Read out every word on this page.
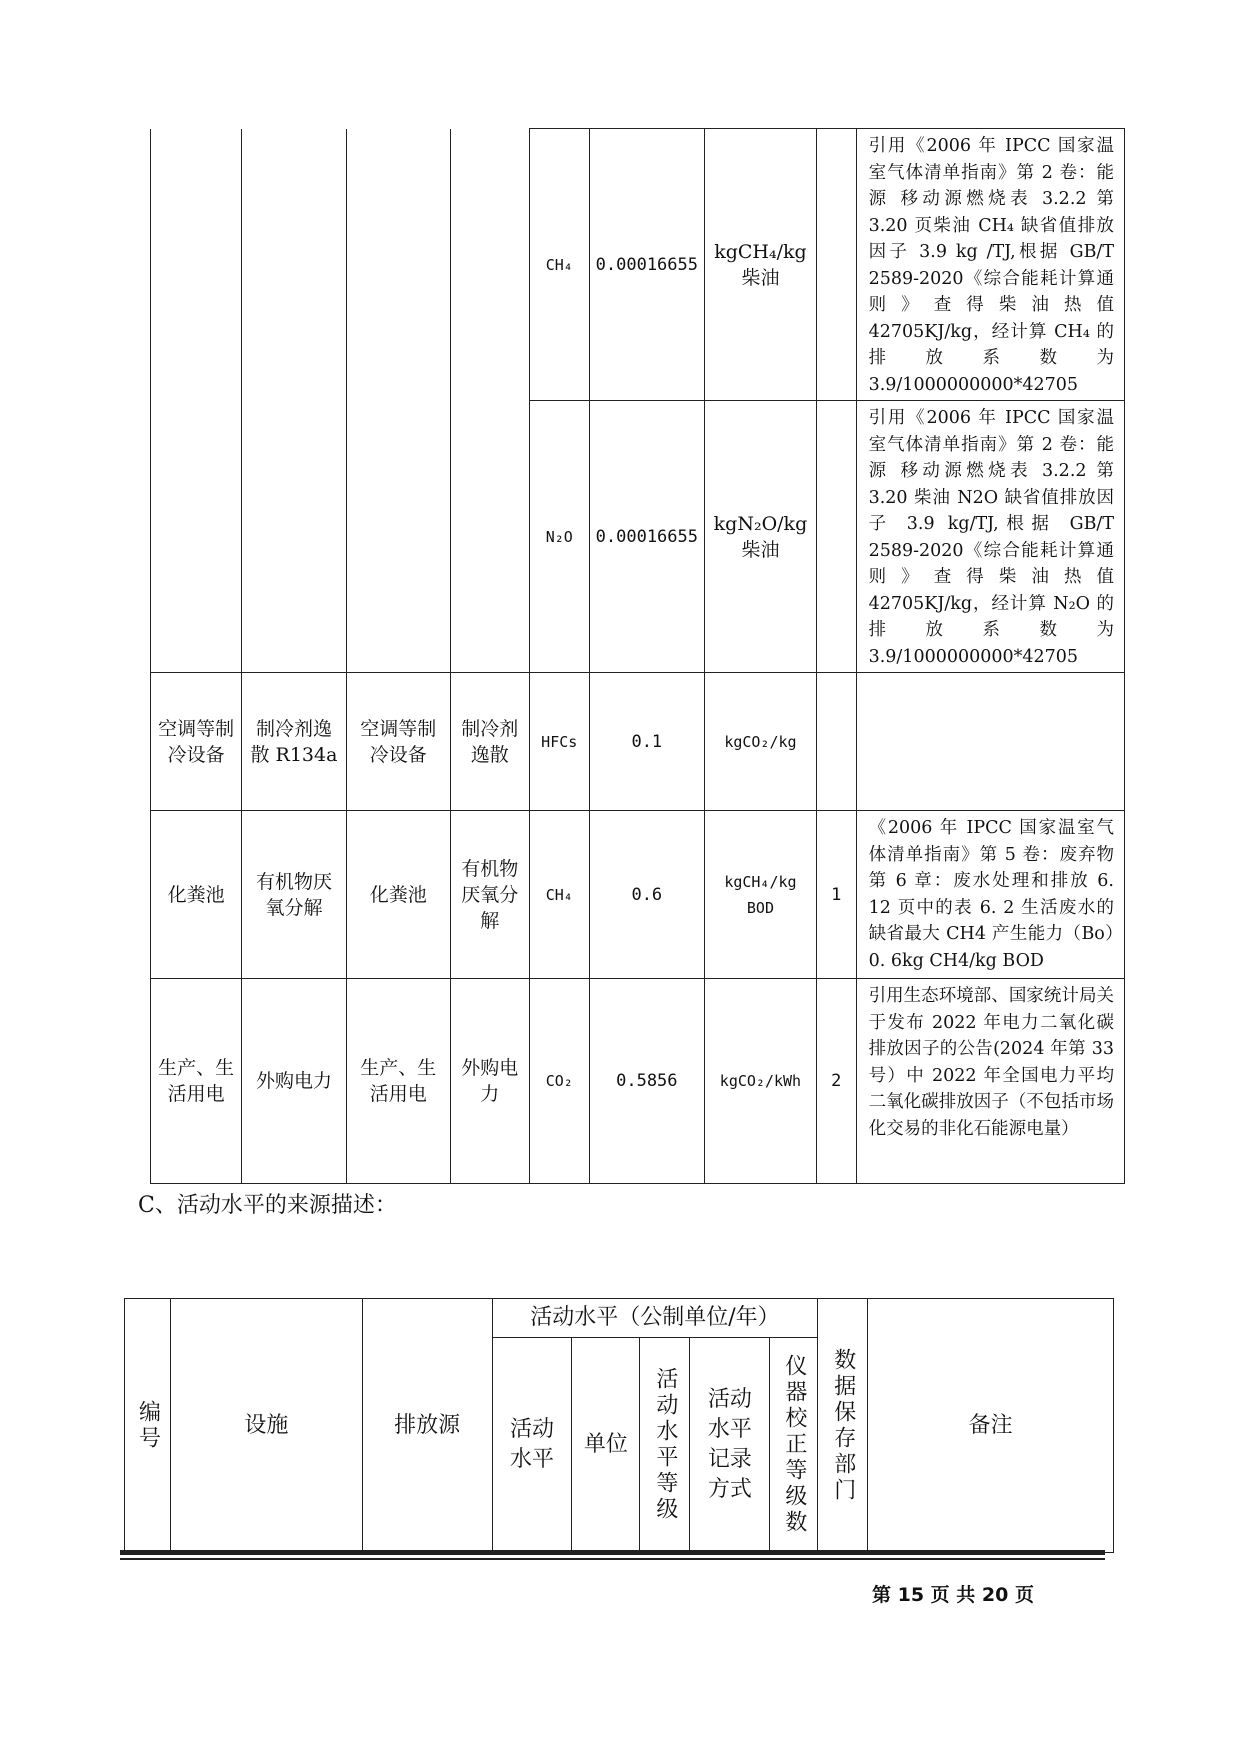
				CH₄	0.00016655	kgCH₄/kg 柴油		引用《2006 年 IPCC 国家温室气体清单指南》第 2 卷：能源 移动源燃烧表 3.2.2 第 3.20 页柴油 CH₄ 缺省值排放因子 3.9 kg /TJ,根据 GB/T 2589-2020《综合能耗计算通则》查得柴油热值 42705KJ/kg，经计算 CH₄ 的排放系数为 3.9/1000000000*42705
				N₂O	0.00016655	kgN₂O/kg 柴油		引用《2006 年 IPCC 国家温室气体清单指南》第 2 卷：能源 移动源燃烧表 3.2.2 第 3.20 柴油 N2O 缺省值排放因子 3.9 kg/TJ,根据 GB/T 2589-2020《综合能耗计算通则》查得柴油热值 42705KJ/kg，经计算 N₂O 的排放系数为 3.9/1000000000*42705
空调等制冷设备	制冷剂逸散 R134a	空调等制冷设备	制冷剂逸散	HFCs	0.1	kgCO₂/kg		
化粪池	有机物厌氧分解	化粪池	有机物厌氧分解	CH₄	0.6	kgCH₄/kg BOD	1	《2006 年 IPCC 国家温室气体清单指南》第 5 卷：废弃物 第 6 章：废水处理和排放 6. 12 页中的表 6. 2 生活废水的缺省最大 CH4 产生能力（Bo）0. 6kg CH4/kg BOD
生产、生活用电	外购电力	生产、生活用电	外购电力	CO₂	0.5856	kgCO₂/kWh	2	引用生态环境部、国家统计局关于发布 2022 年电力二氧化碳排放因子的公告(2024 年第 33 号）中 2022 年全国电力平均二氧化碳排放因子（不包括市场化交易的非化石能源电量）
C、活动水平的来源描述：
编号	设施	排放源	活动水平（公制单位/年）					数据保存部门	备注
			活动水平	单位	活动水平等级	活动水平记录方式	仪器校正等级数		
第 15 页 共 20 页
